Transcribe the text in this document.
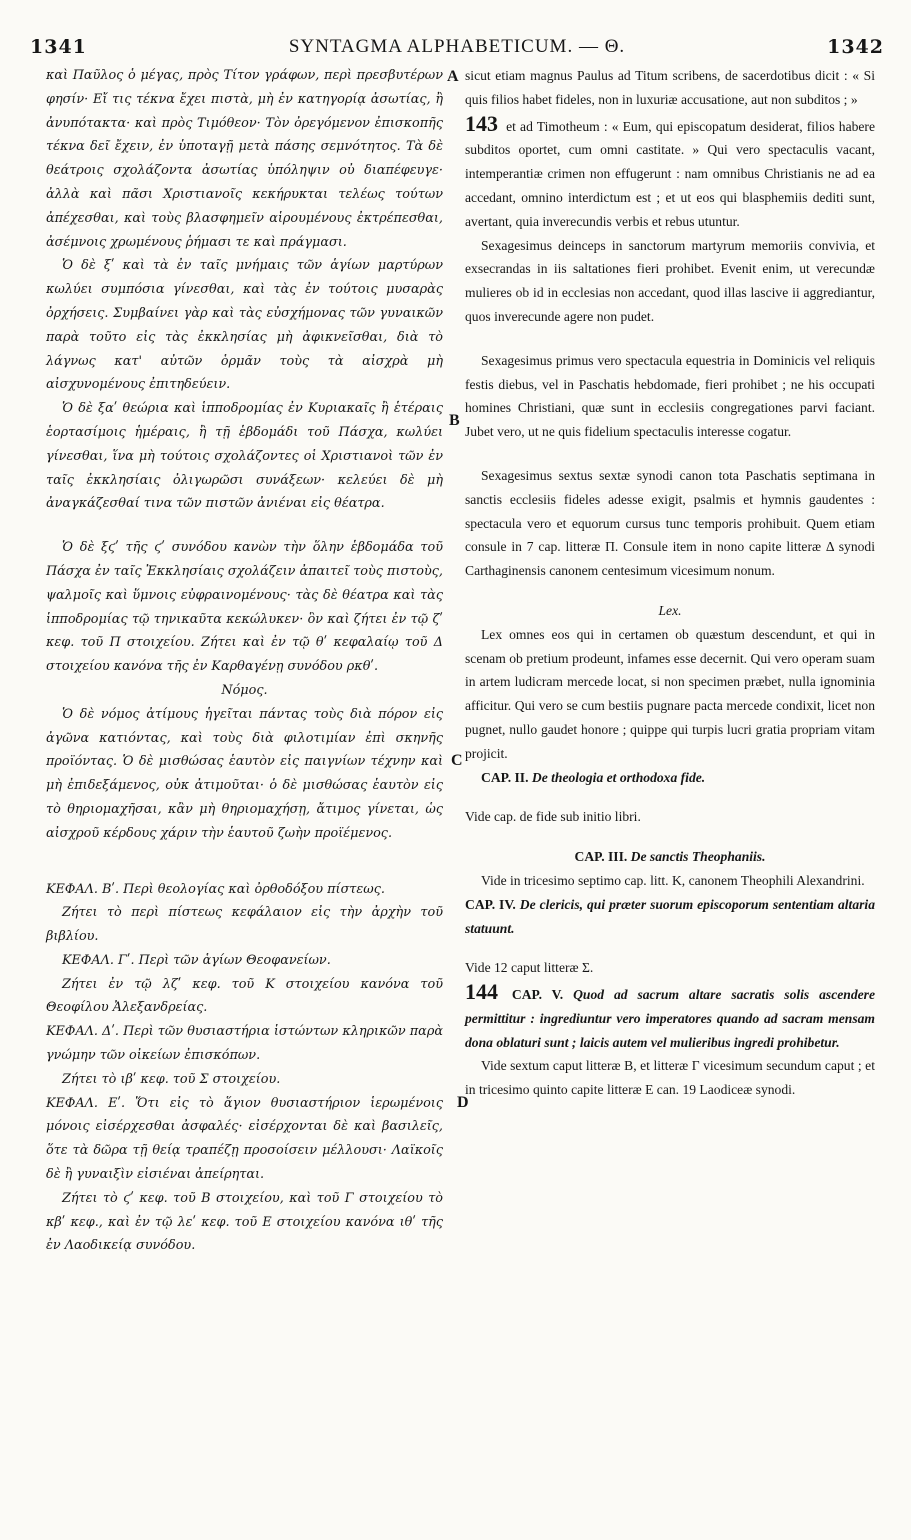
1341	SYNTAGMA ALPHABETICUM. — Θ.	1342
A
B
C
D

καὶ Παῦλος ὁ μέγας, πρὸς Τίτον γράφων, περὶ πρεσβυτέρων φησίν· Εἴ τις τέκνα ἔχει πιστὰ, μὴ ἐν κατηγορίᾳ ἀσωτίας, ἢ ἀνυπότακτα· καὶ πρὸς Τιμόθεον· Τὸν ὀρεγόμενον ἐπισκοπῆς τέκνα δεῖ ἔχειν, ἐν ὑποταγῇ μετὰ πάσης σεμνότητος. Τὰ δὲ θεάτροις σχολάζοντα ἀσωτίας ὑπόληψιν οὐ διαπέφευγε· ἀλλὰ καὶ πᾶσι Χριστιανοῖς κεκήρυκται τελέως τούτων ἀπέχεσθαι, καὶ τοὺς βλασφημεῖν αἱρουμένους ἐκτρέπεσθαι, ἀσέμνοις χρωμένους ῥήμασι τε καὶ πράγμασι.

Ὁ δὲ ξʹ καὶ τὰ ἐν ταῖς μνήμαις τῶν ἁγίων μαρτύρων κωλύει συμπόσια γίνεσθαι, καὶ τὰς ἐν τούτοις μυσαρὰς ὀρχήσεις. Συμβαίνει γὰρ καὶ τὰς εὐσχήμονας τῶν γυναικῶν παρὰ τοῦτο εἰς τὰς ἐκκλησίας μὴ ἀφικνεῖσθαι, διὰ τὸ λάγνως κατ' αὐτῶν ὁρμᾶν τοὺς τὰ αἰσχρὰ μὴ αἰσχυνομένους ἐπιτηδεύειν.

Ὁ δὲ ξαʹ θεώρια καὶ ἱπποδρομίας ἐν Κυριακαῖς ἢ ἑτέραις ἑορτασίμοις ἡμέραις, ἢ τῇ ἑβδομάδι τοῦ Πάσχα, κωλύει γίνεσθαι, ἵνα μὴ τούτοις σχολάζοντες οἱ Χριστιανοὶ τῶν ἐν ταῖς ἐκκλησίαις ὀλιγωρῶσι συνάξεων· κελεύει δὲ μὴ ἀναγκάζεσθαί τινα τῶν πιστῶν ἀνιέναι εἰς θέατρα.

Ὁ δὲ ξϛʹ τῆς ϛʹ συνόδου κανὼν τὴν ὅλην ἑβδομάδα τοῦ Πάσχα ἐν ταῖς Ἐκκλησίαις σχολάζειν ἀπαιτεῖ τοὺς πιστοὺς, ψαλμοῖς καὶ ὕμνοις εὐφραινομένους· τὰς δὲ θέατρα καὶ τὰς ἱπποδρομίας τῷ τηνικαῦτα κεκώλυκεν· ὃν καὶ ζήτει ἐν τῷ ζʹ κεφ. τοῦ Π στοιχείου. Ζήτει καὶ ἐν τῷ θʹ κεφαλαίῳ τοῦ Δ στοιχείου κανόνα τῆς ἐν Καρθαγένῃ συνόδου ρκθʹ.

Νόμος.

Ὁ δὲ νόμος ἀτίμους ἡγεῖται πάντας τοὺς διὰ πόρον εἰς ἀγῶνα κατιόντας, καὶ τοὺς διὰ φιλοτιμίαν ἐπὶ σκηνῆς προϊόντας. Ὁ δὲ μισθώσας ἑαυτὸν εἰς παιγνίων τέχνην καὶ μὴ ἐπιδεξάμενος, οὐκ ἀτιμοῦται· ὁ δὲ μισθώσας ἑαυτὸν εἰς τὸ θηριομαχῆσαι, κἂν μὴ θηριομαχήσῃ, ἄτιμος γίνεται, ὡς αἰσχροῦ κέρδους χάριν τὴν ἑαυτοῦ ζωὴν προϊέμενος.

ΚΕΦΑΛ. Βʹ. Περὶ θεολογίας καὶ ὀρθοδόξου πίστεως.

Ζήτει τὸ περὶ πίστεως κεφάλαιον εἰς τὴν ἀρχὴν τοῦ βιβλίου.

ΚΕΦΑΛ. Γʹ. Περὶ τῶν ἁγίων Θεοφανείων.

Ζήτει ἐν τῷ λζʹ κεφ. τοῦ Κ στοιχείου κανόνα τοῦ Θεοφίλου Ἀλεξανδρείας.

ΚΕΦΑΛ. Δʹ. Περὶ τῶν θυσιαστήρια ἱστώντων κληρικῶν παρὰ γνώμην τῶν οἰκείων ἐπισκόπων.

Ζήτει τὸ ιβʹ κεφ. τοῦ Σ στοιχείου.

ΚΕΦΑΛ. Εʹ. Ὅτι εἰς τὸ ἅγιον θυσιαστήριον ἱερωμένοις μόνοις εἰσέρχεσθαι ἀσφαλές· εἰσέρχονται δὲ καὶ βασιλεῖς, ὅτε τὰ δῶρα τῇ θείᾳ τραπέζῃ προσοίσειν μέλλουσι· Λαϊκοῖς δὲ ἢ γυναιξὶν εἰσιέναι ἀπείρηται.

Ζήτει τὸ ϛʹ κεφ. τοῦ Β στοιχείου, καὶ τοῦ Γ στοιχείου τὸ κβʹ κεφ., καὶ ἐν τῷ λεʹ κεφ. τοῦ Ε στοιχείου κανόνα ιθʹ τῆς ἐν Λαοδικείᾳ συνόδου.

sicut etiam magnus Paulus ad Titum scribens, de sacerdotibus dicit : « Si quis filios habet fideles, non in luxuriæ accusatione, aut non subditos ; »

143 et ad Timotheum : « Eum, qui episcopatum desiderat, filios habere subditos oportet, cum omni castitate. » Qui vero spectaculis vacant, intemperantiæ crimen non effugerunt : nam omnibus Christianis ne ad ea accedant, omnino interdictum est ; et ut eos qui blasphemiis dediti sunt, avertant, quia inverecundis verbis et rebus utuntur.

Sexagesimus deinceps in sanctorum martyrum memoriis convivia, et exsecrandas in iis saltationes fieri prohibet. Evenit enim, ut verecundæ mulieres ob id in ecclesias non accedant, quod illas lascive ii aggrediantur, quos inverecunde agere non pudet.

Sexagesimus primus vero spectacula equestria in Dominicis vel reliquis festis diebus, vel in Paschatis hebdomade, fieri prohibet ; ne his occupati homines Christiani, quæ sunt in ecclesiis congregationes parvi faciant. Jubet vero, ut ne quis fidelium spectaculis interesse cogatur.

Sexagesimus sextus sextæ synodi canon tota Paschatis septimana in sanctis ecclesiis fideles adesse exigit, psalmis et hymnis gaudentes : spectacula vero et equorum cursus tunc temporis prohibuit. Quem etiam consule in 7 cap. litteræ Π. Consule item in nono capite litteræ Δ synodi Carthaginensis canonem centesimum vicesimum nonum.

Lex.

Lex omnes eos qui in certamen ob quæstum descendunt, et qui in scenam ob pretium prodeunt, infames esse decernit. Qui vero operam suam in artem ludicram mercede locat, si non specimen præbet, nulla ignominia afficitur. Qui vero se cum bestiis pugnare pacta mercede condixit, licet non pugnet, nullo gaudet honore ; quippe qui turpis lucri gratia propriam vitam projicit.

CAP. II. De theologia et orthodoxa fide.

Vide cap. de fide sub initio libri.

CAP. III. De sanctis Theophaniis.

Vide in tricesimo septimo cap. litt. K, canonem Theophili Alexandrini.

CAP. IV. De clericis, qui præter suorum episcoporum sententiam altaria statuunt.

Vide 12 caput litteræ Σ.

144 CAP. V. Quod ad sacrum altare sacratis solis ascendere permittitur : ingrediuntur vero imperatores quando ad sacram mensam dona oblaturi sunt ; laicis autem vel mulieribus ingredi prohibetur.

Vide sextum caput litteræ B, et litteræ Γ vicesimum secundum caput ; et in tricesimo quinto capite litteræ E can. 19 Laodiceæ synodi.
